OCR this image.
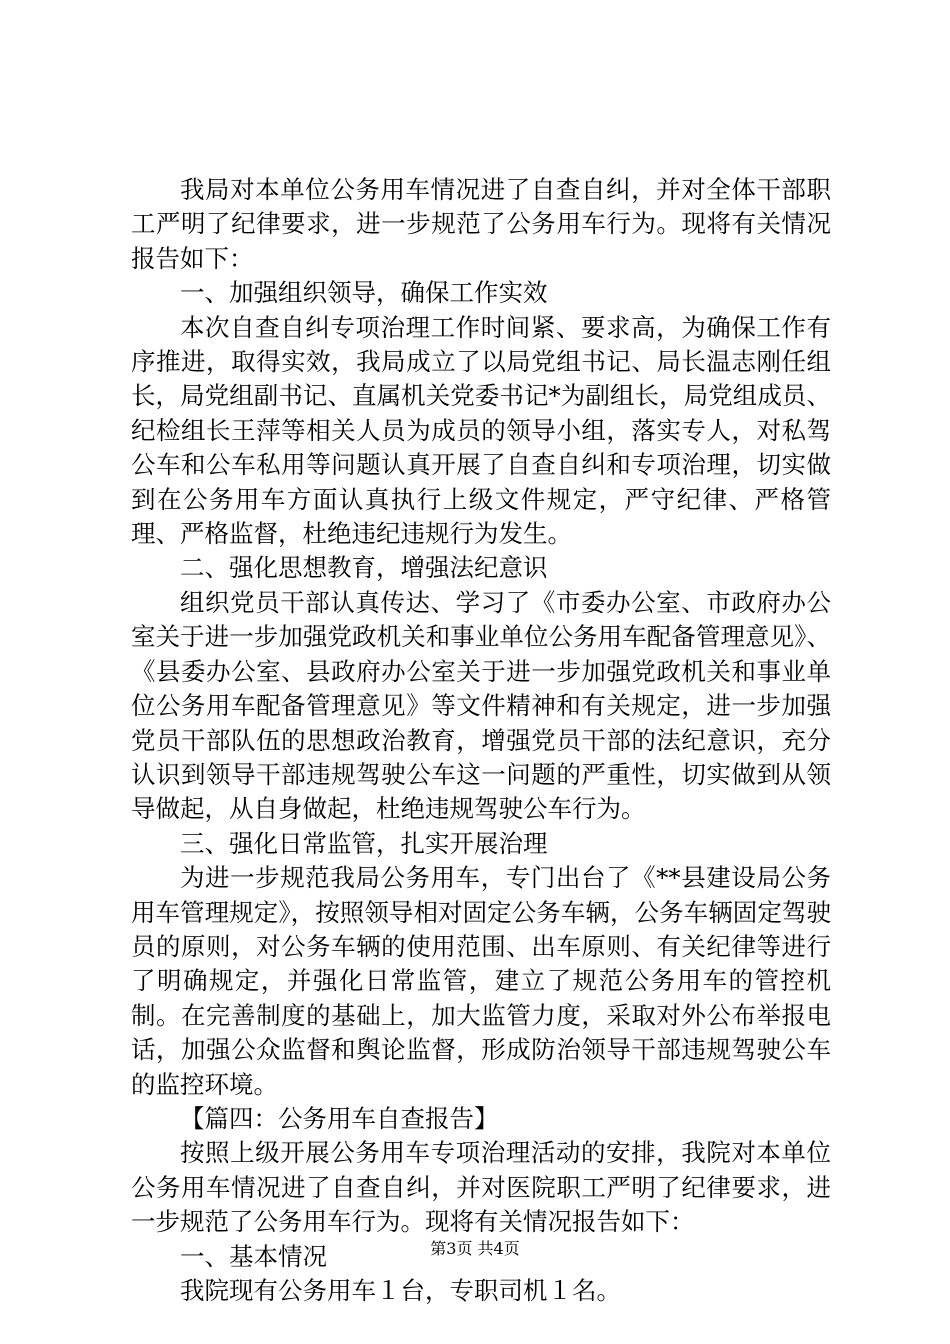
我局对本单位公务用车情况进了自查自纠，并对全体干部职工严明了纪律要求，进一步规范了公务用车行为。现将有关情况报告如下：

一、加强组织领导，确保工作实效

本次自查自纠专项治理工作时间紧、要求高，为确保工作有序推进，取得实效，我局成立了以局党组书记、局长温志刚任组长，局党组副书记、直属机关党委书记*为副组长，局党组成员、纪检组长王萍等相关人员为成员的领导小组，落实专人，对私驾公车和公车私用等问题认真开展了自查自纠和专项治理，切实做到在公务用车方面认真执行上级文件规定，严守纪律、严格管理、严格监督，杜绝违纪违规行为发生。

二、强化思想教育，增强法纪意识

组织党员干部认真传达、学习了《市委办公室、市政府办公室关于进一步加强党政机关和事业单位公务用车配备管理意见》、《县委办公室、县政府办公室关于进一步加强党政机关和事业单位公务用车配备管理意见》等文件精神和有关规定，进一步加强党员干部队伍的思想政治教育，增强党员干部的法纪意识，充分认识到领导干部违规驾驶公车这一问题的严重性，切实做到从领导做起，从自身做起，杜绝违规驾驶公车行为。

三、强化日常监管，扎实开展治理

为进一步规范我局公务用车，专门出台了《**县建设局公务用车管理规定》，按照领导相对固定公务车辆，公务车辆固定驾驶员的原则，对公务车辆的使用范围、出车原则、有关纪律等进行了明确规定，并强化日常监管，建立了规范公务用车的管控机制。在完善制度的基础上，加大监管力度，采取对外公布举报电话，加强公众监督和舆论监督，形成防治领导干部违规驾驶公车的监控环境。

【篇四：公务用车自查报告】

按照上级开展公务用车专项治理活动的安排，我院对本单位公务用车情况进了自查自纠，并对医院职工严明了纪律要求，进一步规范了公务用车行为。现将有关情况报告如下：

一、基本情况

我院现有公务用车１台，专职司机１名。

第3页 共4页
